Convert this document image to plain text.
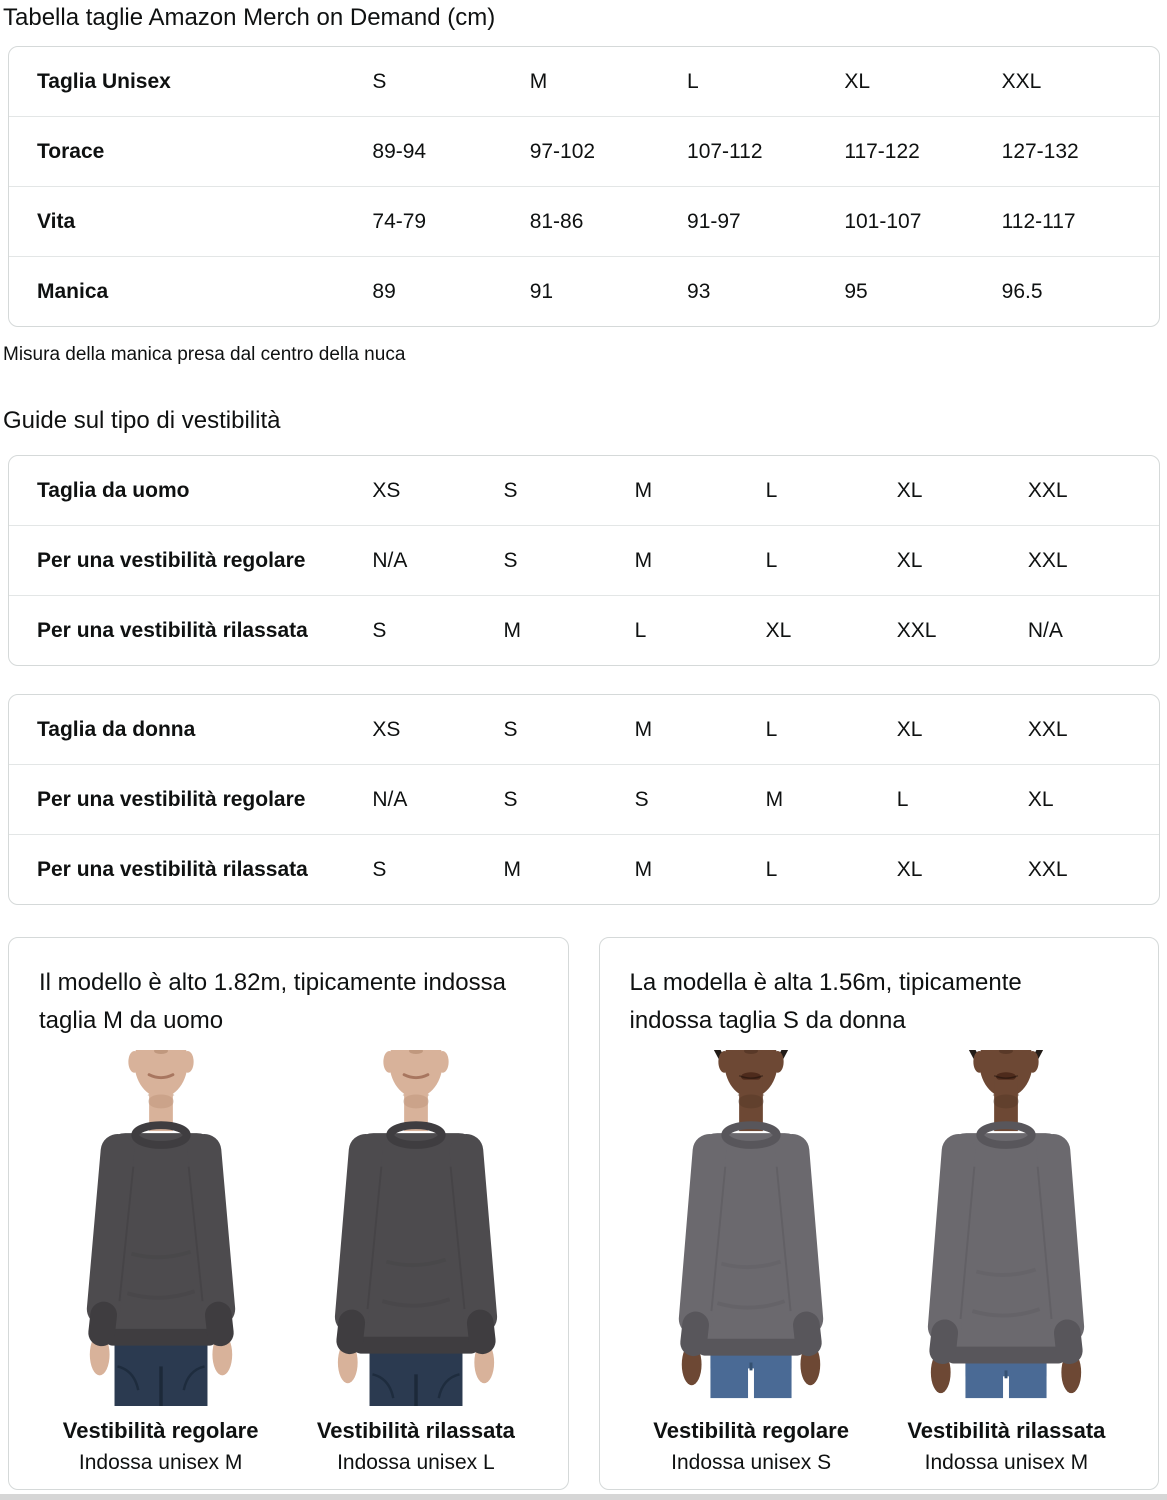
Tabella taglie Amazon Merch on Demand (cm)
Taglia Unisex	S	M	L	XL	XXL
Torace	89-94	97-102	107-112	117-122	127-132
Vita	74-79	81-86	91-97	101-107	112-117
Manica	89	91	93	95	96.5

Misura della manica presa dal centro della nuca

Guide sul tipo di vestibilità
Taglia da uomo	XS	S	M	L	XL	XXL
Per una vestibilità regolare	N/A	S	M	L	XL	XXL
Per una vestibilità rilassata	S	M	L	XL	XXL	N/A
Taglia da donna	XS	S	M	L	XL	XXL
Per una vestibilità regolare	N/A	S	S	M	L	XL
Per una vestibilità rilassata	S	M	M	L	XL	XXL
Il modello è alto 1.82m, tipicamente indossa taglia M da uomo
Vestibilità regolare
Indossa unisex M
Vestibilità rilassata
Indossa unisex L
La modella è alta 1.56m, tipicamente indossa taglia S da donna
Vestibilità regolare
Indossa unisex S
Vestibilità rilassata
Indossa unisex M
